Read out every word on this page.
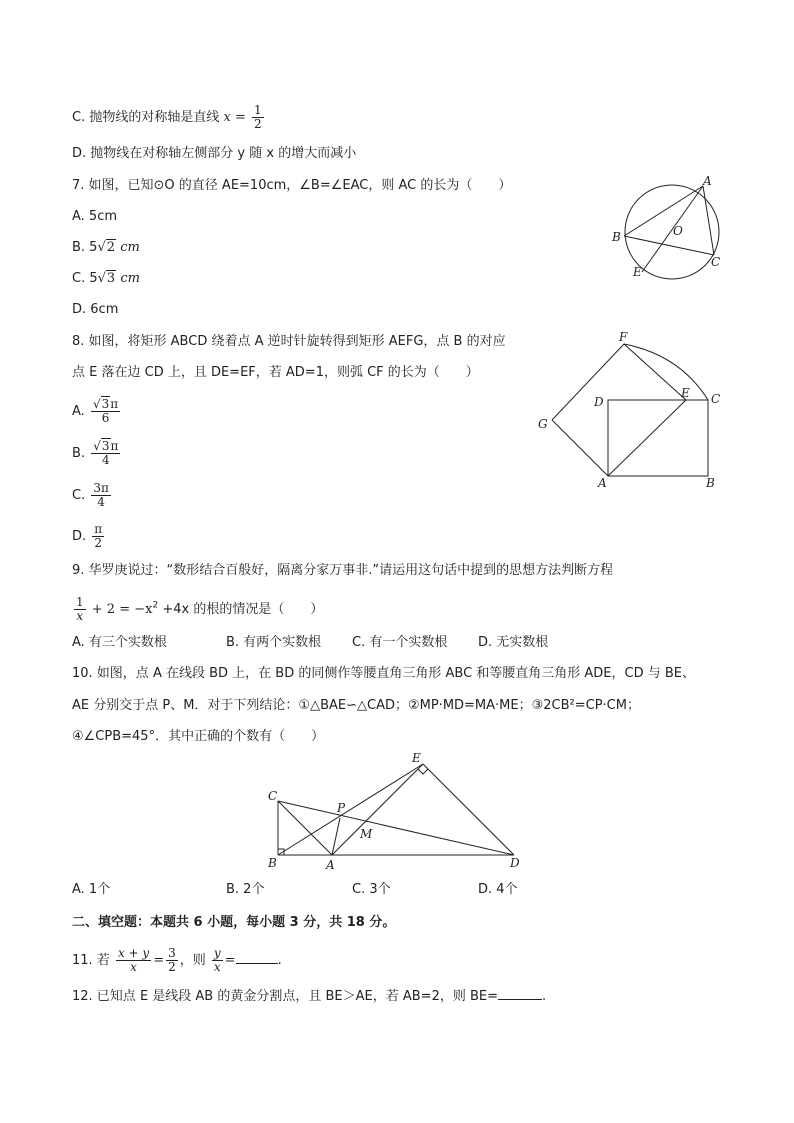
C. 抛物线的对称轴是直线 $x = \frac{1}{2}$
D. 抛物线在对称轴左侧部分 y 随 x 的增大而减小
7. 如图，已知⊙O 的直径 AE=10cm，∠B=∠EAC，则 AC 的长为（　　）
A. 5cm
B. 5√2 cm
C. 5√3 cm
D. 6cm
A
B	O
E
C
8. 如图，将矩形 ABCD 绕着点 A 逆时针旋转得到矩形 AEFG，点 B 的对应
点 E 落在边 CD 上，且 DE=EF，若 AD=1，则弧 CF 的长为（　　）
A. $\frac{√3\pi}{6}$
B. $\frac{√3\pi}{4}$
C. $\frac{3\pi}{4}$
D. $\frac{\pi}{2}$
F
D
E C
G
A	B
9. 华罗庚说过：“数形结合百般好，隔离分家万事非.”请运用这句话中提到的思想方法判断方程
$\frac{1}{x} + 2 = -x^2 +4x$ 的根的情况是（　　）
A. 有三个实数根	B. 有两个实数根 C. 有一个实数根 D. 无实数根
10. 如图，点 A 在线段 BD 上，在 BD 的同侧作等腰直角三角形 ABC 和等腰直角三角形 ADE，CD 与 BE、
AE 分别交于点 P、M．对于下列结论：①△BAE∽△CAD；②MP·MD=MA·ME；③2CB²=CP·CM；
④∠CPB=45°．其中正确的个数有（　　）
E
C
P
M
B	A	D
A. 1个	B. 2个	C. 3个	D. 4个
二、填空题：本题共 6 小题，每小题 3 分，共 18 分。
11. 若 $\frac{x + y}{x} = \frac{3}{2}$ ，则 $\frac{y}{x}$ =	.
12. 已知点 E 是线段 AB 的黄金分割点，且 BE＞AE，若 AB=2，则 BE=	.
